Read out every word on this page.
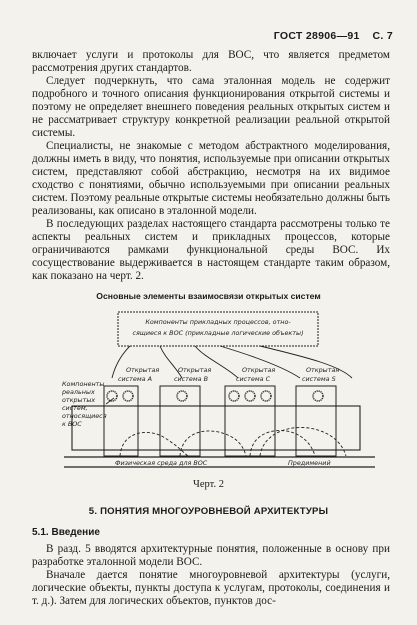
ГОСТ 28906—91 С. 7

включает услуги и протоколы для ВОС, что является предметом рассмотрения других стандартов.

Следует подчеркнуть, что сама эталонная модель не содержит подробного и точного описания функционирования открытой системы и поэтому не определяет внешнего поведения реальных открытых систем и не рассматривает структуру конкретной реализации реальной открытой системы.

Специалисты, не знакомые с методом абстрактного моделирования, должны иметь в виду, что понятия, используемые при описании открытых систем, представляют собой абстракцию, несмотря на их видимое сходство с понятиями, обычно используемыми при описании реальных систем. Поэтому реальные открытые системы необязательно должны быть реализованы, как описано в эталонной модели.

В последующих разделах настоящего стандарта рассмотрены только те аспекты реальных систем и прикладных процессов, которые ограничиваются рамками функциональной среды ВОС. Их сосуществование выдерживается в настоящем стандарте таким образом, как показано на черт. 2.

Основные элементы взаимосвязи открытых систем
Компоненты прикладных процессов, отно-
сящиеся к ВОС (прикладные логические объекты)
Открытая
система А
Открытая
система B
Открытая
система C
Открытая
система S
Компоненты
реальных
открытых
систем,
относящиеся
к ВОС
Физическая среда для ВОС	Предимений
Черт. 2
5. ПОНЯТИЯ МНОГОУРОВНЕВОЙ АРХИТЕКТУРЫ
5.1. Введение

В разд. 5 вводятся архитектурные понятия, положенные в основу при разработке эталонной модели ВОС.

Вначале дается понятие многоуровневой архитектуры (услуги, логические объекты, пункты доступа к услугам, протоколы, соединения и т. д.). Затем для логических объектов, пунктов дос-
